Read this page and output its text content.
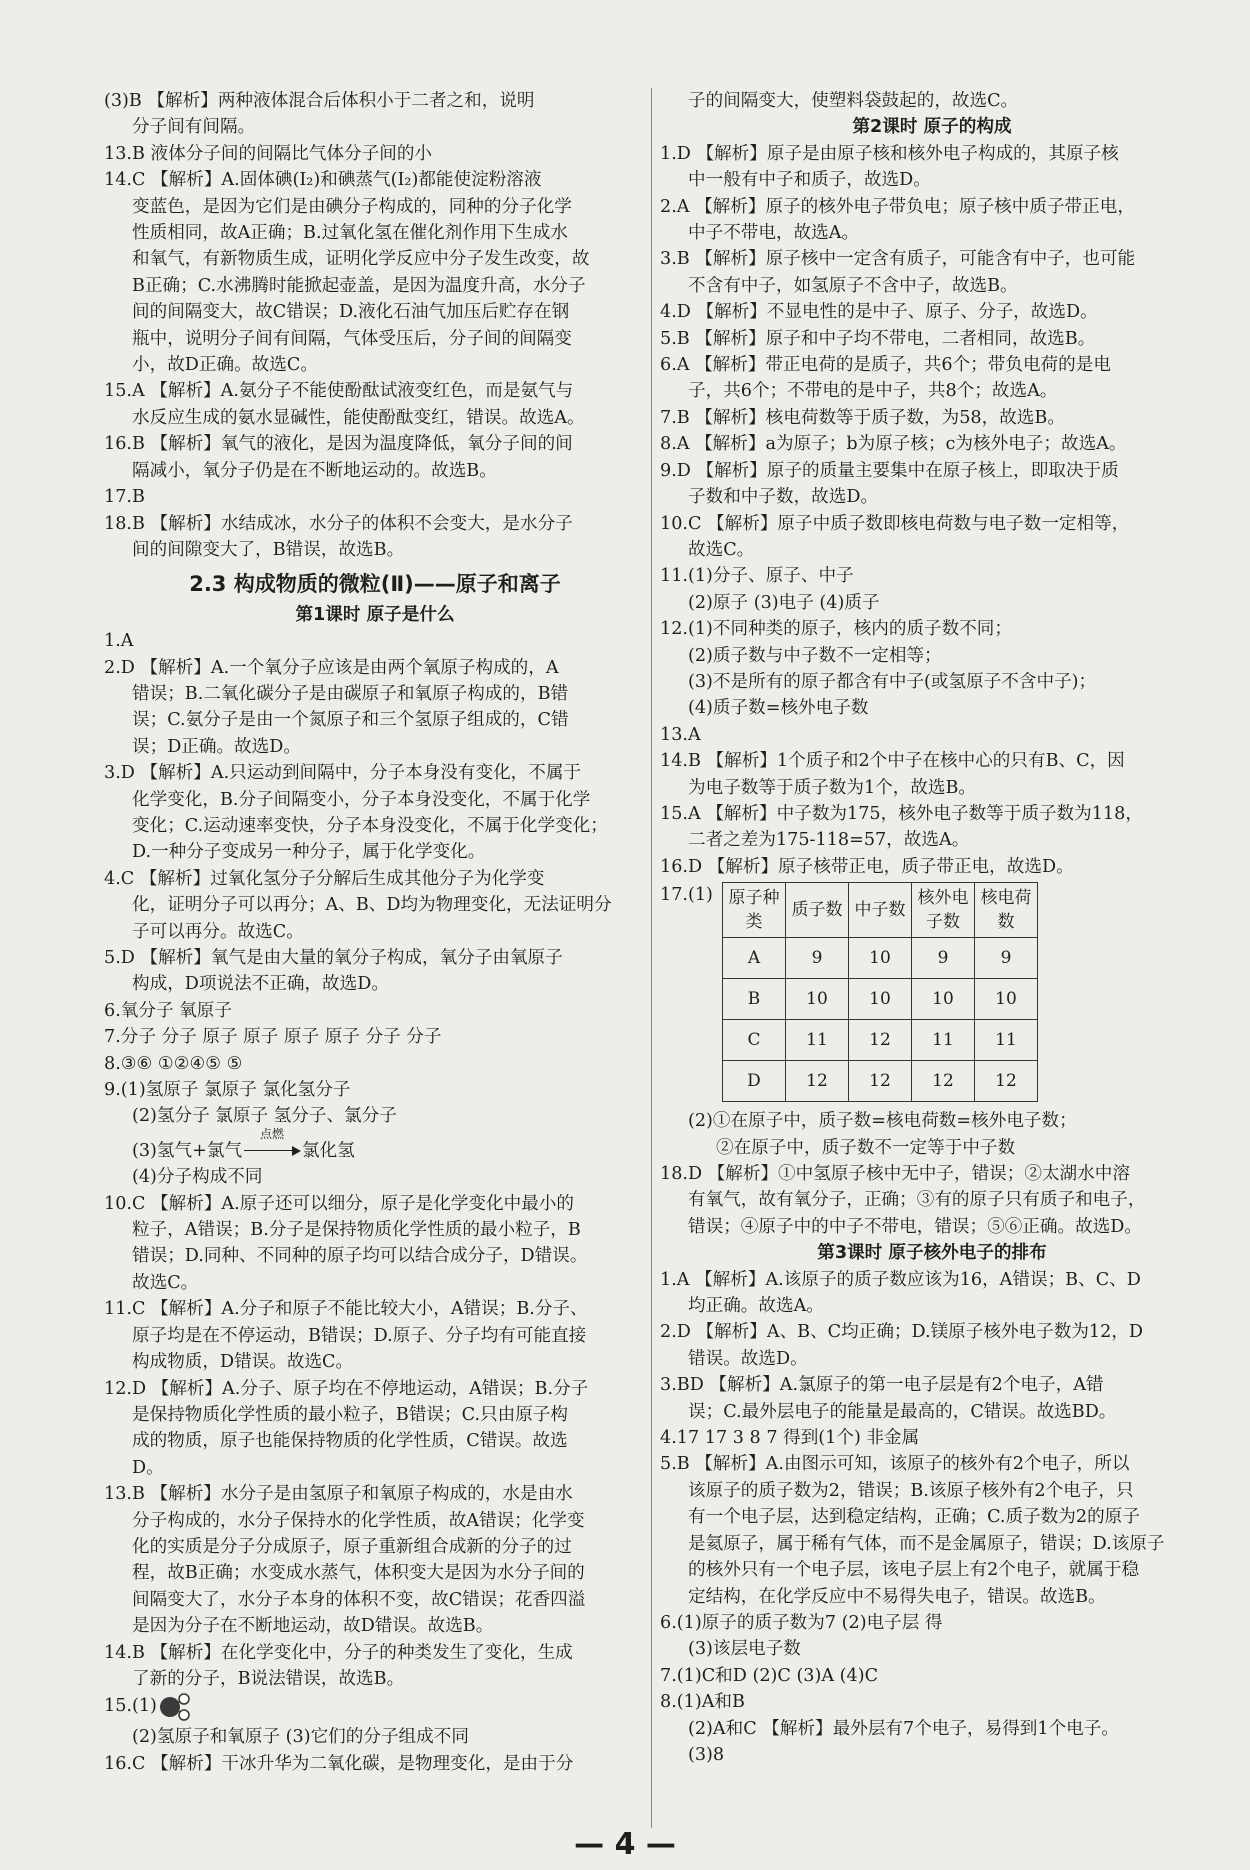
(3)B 【解析】两种液体混合后体积小于二者之和，说明

分子间有间隔。

13.B 液体分子间的间隔比气体分子间的小

14.C 【解析】A.固体碘(I₂)和碘蒸气(I₂)都能使淀粉溶液

变蓝色，是因为它们是由碘分子构成的，同种的分子化学

性质相同，故A正确；B.过氧化氢在催化剂作用下生成水

和氧气，有新物质生成，证明化学反应中分子发生改变，故

B正确；C.水沸腾时能掀起壶盖，是因为温度升高，水分子

间的间隔变大，故C错误；D.液化石油气加压后贮存在钢

瓶中，说明分子间有间隔，气体受压后，分子间的间隔变

小，故D正确。故选C。

15.A 【解析】A.氨分子不能使酚酞试液变红色，而是氨气与

水反应生成的氨水显碱性，能使酚酞变红，错误。故选A。

16.B 【解析】氧气的液化，是因为温度降低，氧分子间的间

隔减小，氧分子仍是在不断地运动的。故选B。

17.B

18.B 【解析】水结成冰，水分子的体积不会变大，是水分子

间的间隙变大了，B错误，故选B。

2.3 构成物质的微粒(Ⅱ)——原子和离子
第1课时 原子是什么

1.A

2.D 【解析】A.一个氧分子应该是由两个氧原子构成的，A

错误；B.二氧化碳分子是由碳原子和氧原子构成的，B错

误；C.氨分子是由一个氮原子和三个氢原子组成的，C错

误；D正确。故选D。

3.D 【解析】A.只运动到间隔中，分子本身没有变化，不属于

化学变化，B.分子间隔变小，分子本身没变化，不属于化学

变化；C.运动速率变快，分子本身没变化，不属于化学变化；

D.一种分子变成另一种分子，属于化学变化。

4.C 【解析】过氧化氢分子分解后生成其他分子为化学变

化，证明分子可以再分；A、B、D均为物理变化，无法证明分

子可以再分。故选C。

5.D 【解析】氧气是由大量的氧分子构成，氧分子由氧原子

构成，D项说法不正确，故选D。

6.氧分子 氧原子

7.分子 分子 原子 原子 原子 原子 分子 分子

8.③⑥ ①②④⑤ ⑤

9.(1)氢原子 氯原子 氯化氢分子

(2)氢分子 氯原子 氢分子、氯分子

(3)氢气+氯气
点燃
氯化氢

(4)分子构成不同

10.C 【解析】A.原子还可以细分，原子是化学变化中最小的

粒子，A错误；B.分子是保持物质化学性质的最小粒子，B

错误；D.同种、不同种的原子均可以结合成分子，D错误。

故选C。

11.C 【解析】A.分子和原子不能比较大小，A错误；B.分子、

原子均是在不停运动，B错误；D.原子、分子均有可能直接

构成物质，D错误。故选C。

12.D 【解析】A.分子、原子均在不停地运动，A错误；B.分子

是保持物质化学性质的最小粒子，B错误；C.只由原子构

成的物质，原子也能保持物质的化学性质，C错误。故选

D。

13.B 【解析】水分子是由氢原子和氧原子构成的，水是由水

分子构成的，水分子保持水的化学性质，故A错误；化学变

化的实质是分子分成原子，原子重新组合成新的分子的过

程，故B正确；水变成水蒸气，体积变大是因为水分子间的

间隔变大了，水分子本身的体积不变，故C错误；花香四溢

是因为分子在不断地运动，故D错误。故选B。

14.B 【解析】在化学变化中，分子的种类发生了变化，生成

了新的分子，B说法错误，故选B。

15.(1)

(2)氢原子和氧原子 (3)它们的分子组成不同

16.C 【解析】干冰升华为二氧化碳，是物理变化，是由于分

子的间隔变大，使塑料袋鼓起的，故选C。

第2课时 原子的构成

1.D 【解析】原子是由原子核和核外电子构成的，其原子核

中一般有中子和质子，故选D。

2.A 【解析】原子的核外电子带负电；原子核中质子带正电，

中子不带电，故选A。

3.B 【解析】原子核中一定含有质子，可能含有中子，也可能

不含有中子，如氢原子不含中子，故选B。

4.D 【解析】不显电性的是中子、原子、分子，故选D。

5.B 【解析】原子和中子均不带电，二者相同，故选B。

6.A 【解析】带正电荷的是质子，共6个；带负电荷的是电

子，共6个；不带电的是中子，共8个；故选A。

7.B 【解析】核电荷数等于质子数，为58，故选B。

8.A 【解析】a为原子；b为原子核；c为核外电子；故选A。

9.D 【解析】原子的质量主要集中在原子核上，即取决于质

子数和中子数，故选D。

10.C 【解析】原子中质子数即核电荷数与电子数一定相等，

故选C。

11.(1)分子、原子、中子

(2)原子 (3)电子 (4)质子

12.(1)不同种类的原子，核内的质子数不同；

(2)质子数与中子数不一定相等；

(3)不是所有的原子都含有中子(或氢原子不含中子)；

(4)质子数=核外电子数

13.A

14.B 【解析】1个质子和2个中子在核中心的只有B、C，因

为电子数等于质子数为1个，故选B。

15.A 【解析】中子数为175，核外电子数等于质子数为118，

二者之差为175-118=57，故选A。

16.D 【解析】原子核带正电，质子带正电，故选D。

17.(1) 原子种类	质子数	中子数	核外电子数	核电荷数
A	9	10	9	9
B	10	10	10	10
C	11	12	11	11
D	12	12	12	12

(2)①在原子中，质子数=核电荷数=核外电子数；

②在原子中，质子数不一定等于中子数

18.D 【解析】①中氢原子核中无中子，错误；②太湖水中溶

有氧气，故有氧分子，正确；③有的原子只有质子和电子，

错误；④原子中的中子不带电，错误；⑤⑥正确。故选D。

第3课时 原子核外电子的排布

1.A 【解析】A.该原子的质子数应该为16，A错误；B、C、D

均正确。故选A。

2.D 【解析】A、B、C均正确；D.镁原子核外电子数为12，D

错误。故选D。

3.BD 【解析】A.氯原子的第一电子层是有2个电子，A错

误；C.最外层电子的能量是最高的，C错误。故选BD。

4.17 17 3 8 7 得到(1个) 非金属

5.B 【解析】A.由图示可知，该原子的核外有2个电子，所以

该原子的质子数为2，错误；B.该原子核外有2个电子，只

有一个电子层，达到稳定结构，正确；C.质子数为2的原子

是氦原子，属于稀有气体，而不是金属原子，错误；D.该原子

的核外只有一个电子层，该电子层上有2个电子，就属于稳

定结构，在化学反应中不易得失电子，错误。故选B。

6.(1)原子的质子数为7 (2)电子层 得

(3)该层电子数

7.(1)C和D (2)C (3)A (4)C

8.(1)A和B

(2)A和C 【解析】最外层有7个电子，易得到1个电子。

(3)8

— 4 —
